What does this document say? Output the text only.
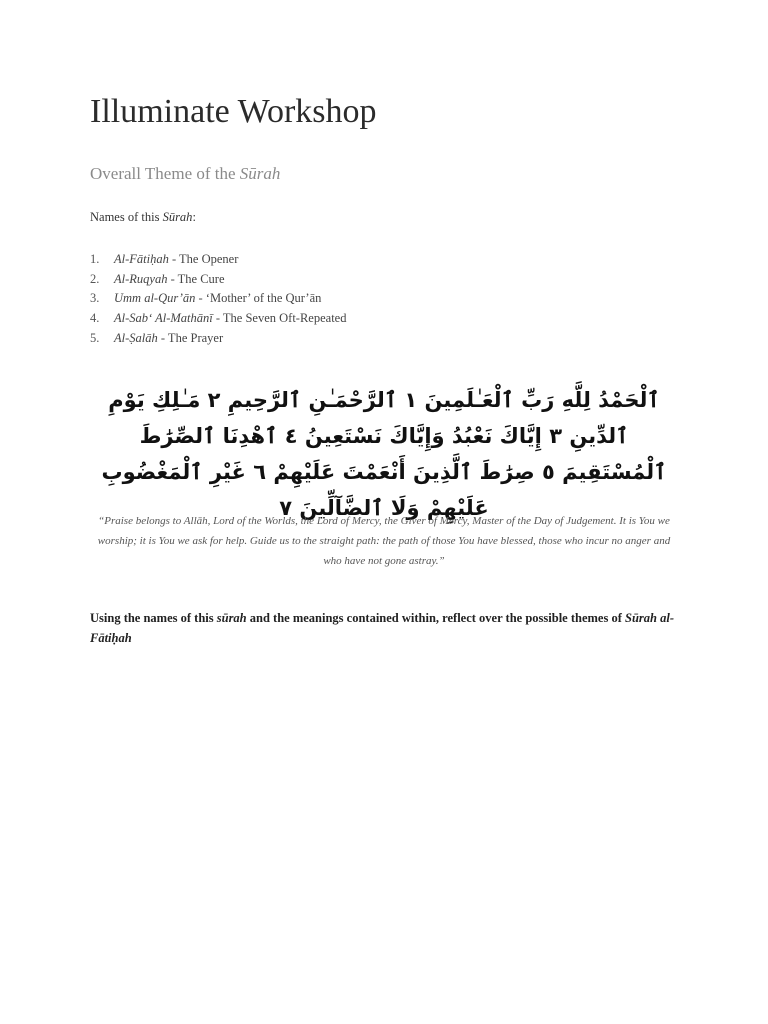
Illuminate Workshop
Overall Theme of the Sūrah
Names of this Sūrah:
1. Al-Fātiḥah - The Opener
2. Al-Ruqyah - The Cure
3. Umm al-Qur’ān - ‘Mother’ of the Qur’ān
4. Al-Sab‘ Al-Mathānī - The Seven Oft-Repeated
5. Al-Ṣalāh - The Prayer
ٱلْحَمْدُ لِلَّهِ رَبِّ ٱلْعَـٰلَمِينَ ١ ٱلرَّحْمَـٰنِ ٱلرَّحِيمِ ٢ مَـٰلِكِ يَوْمِ ٱلدِّينِ ٣ إِيَّاكَ نَعْبُدُ وَإِيَّاكَ نَسْتَعِينُ ٤ ٱهْدِنَا ٱلصِّرَٰطَ ٱلْمُسْتَقِيمَ ٥ صِرَٰطَ ٱلَّذِينَ أَنْعَمْتَ عَلَيْهِمْ ٦ غَيْرِ ٱلْمَغْضُوبِ عَلَيْهِمْ وَلَا ٱلضَّآلِّينَ ٧
“Praise belongs to Allāh, Lord of the Worlds, the Lord of Mercy, the Giver of Mercy, Master of the Day of Judgement. It is You we worship; it is You we ask for help. Guide us to the straight path: the path of those You have blessed, those who incur no anger and who have not gone astray.”
Using the names of this sūrah and the meanings contained within, reflect over the possible themes of Sūrah al-Fātiḥah
